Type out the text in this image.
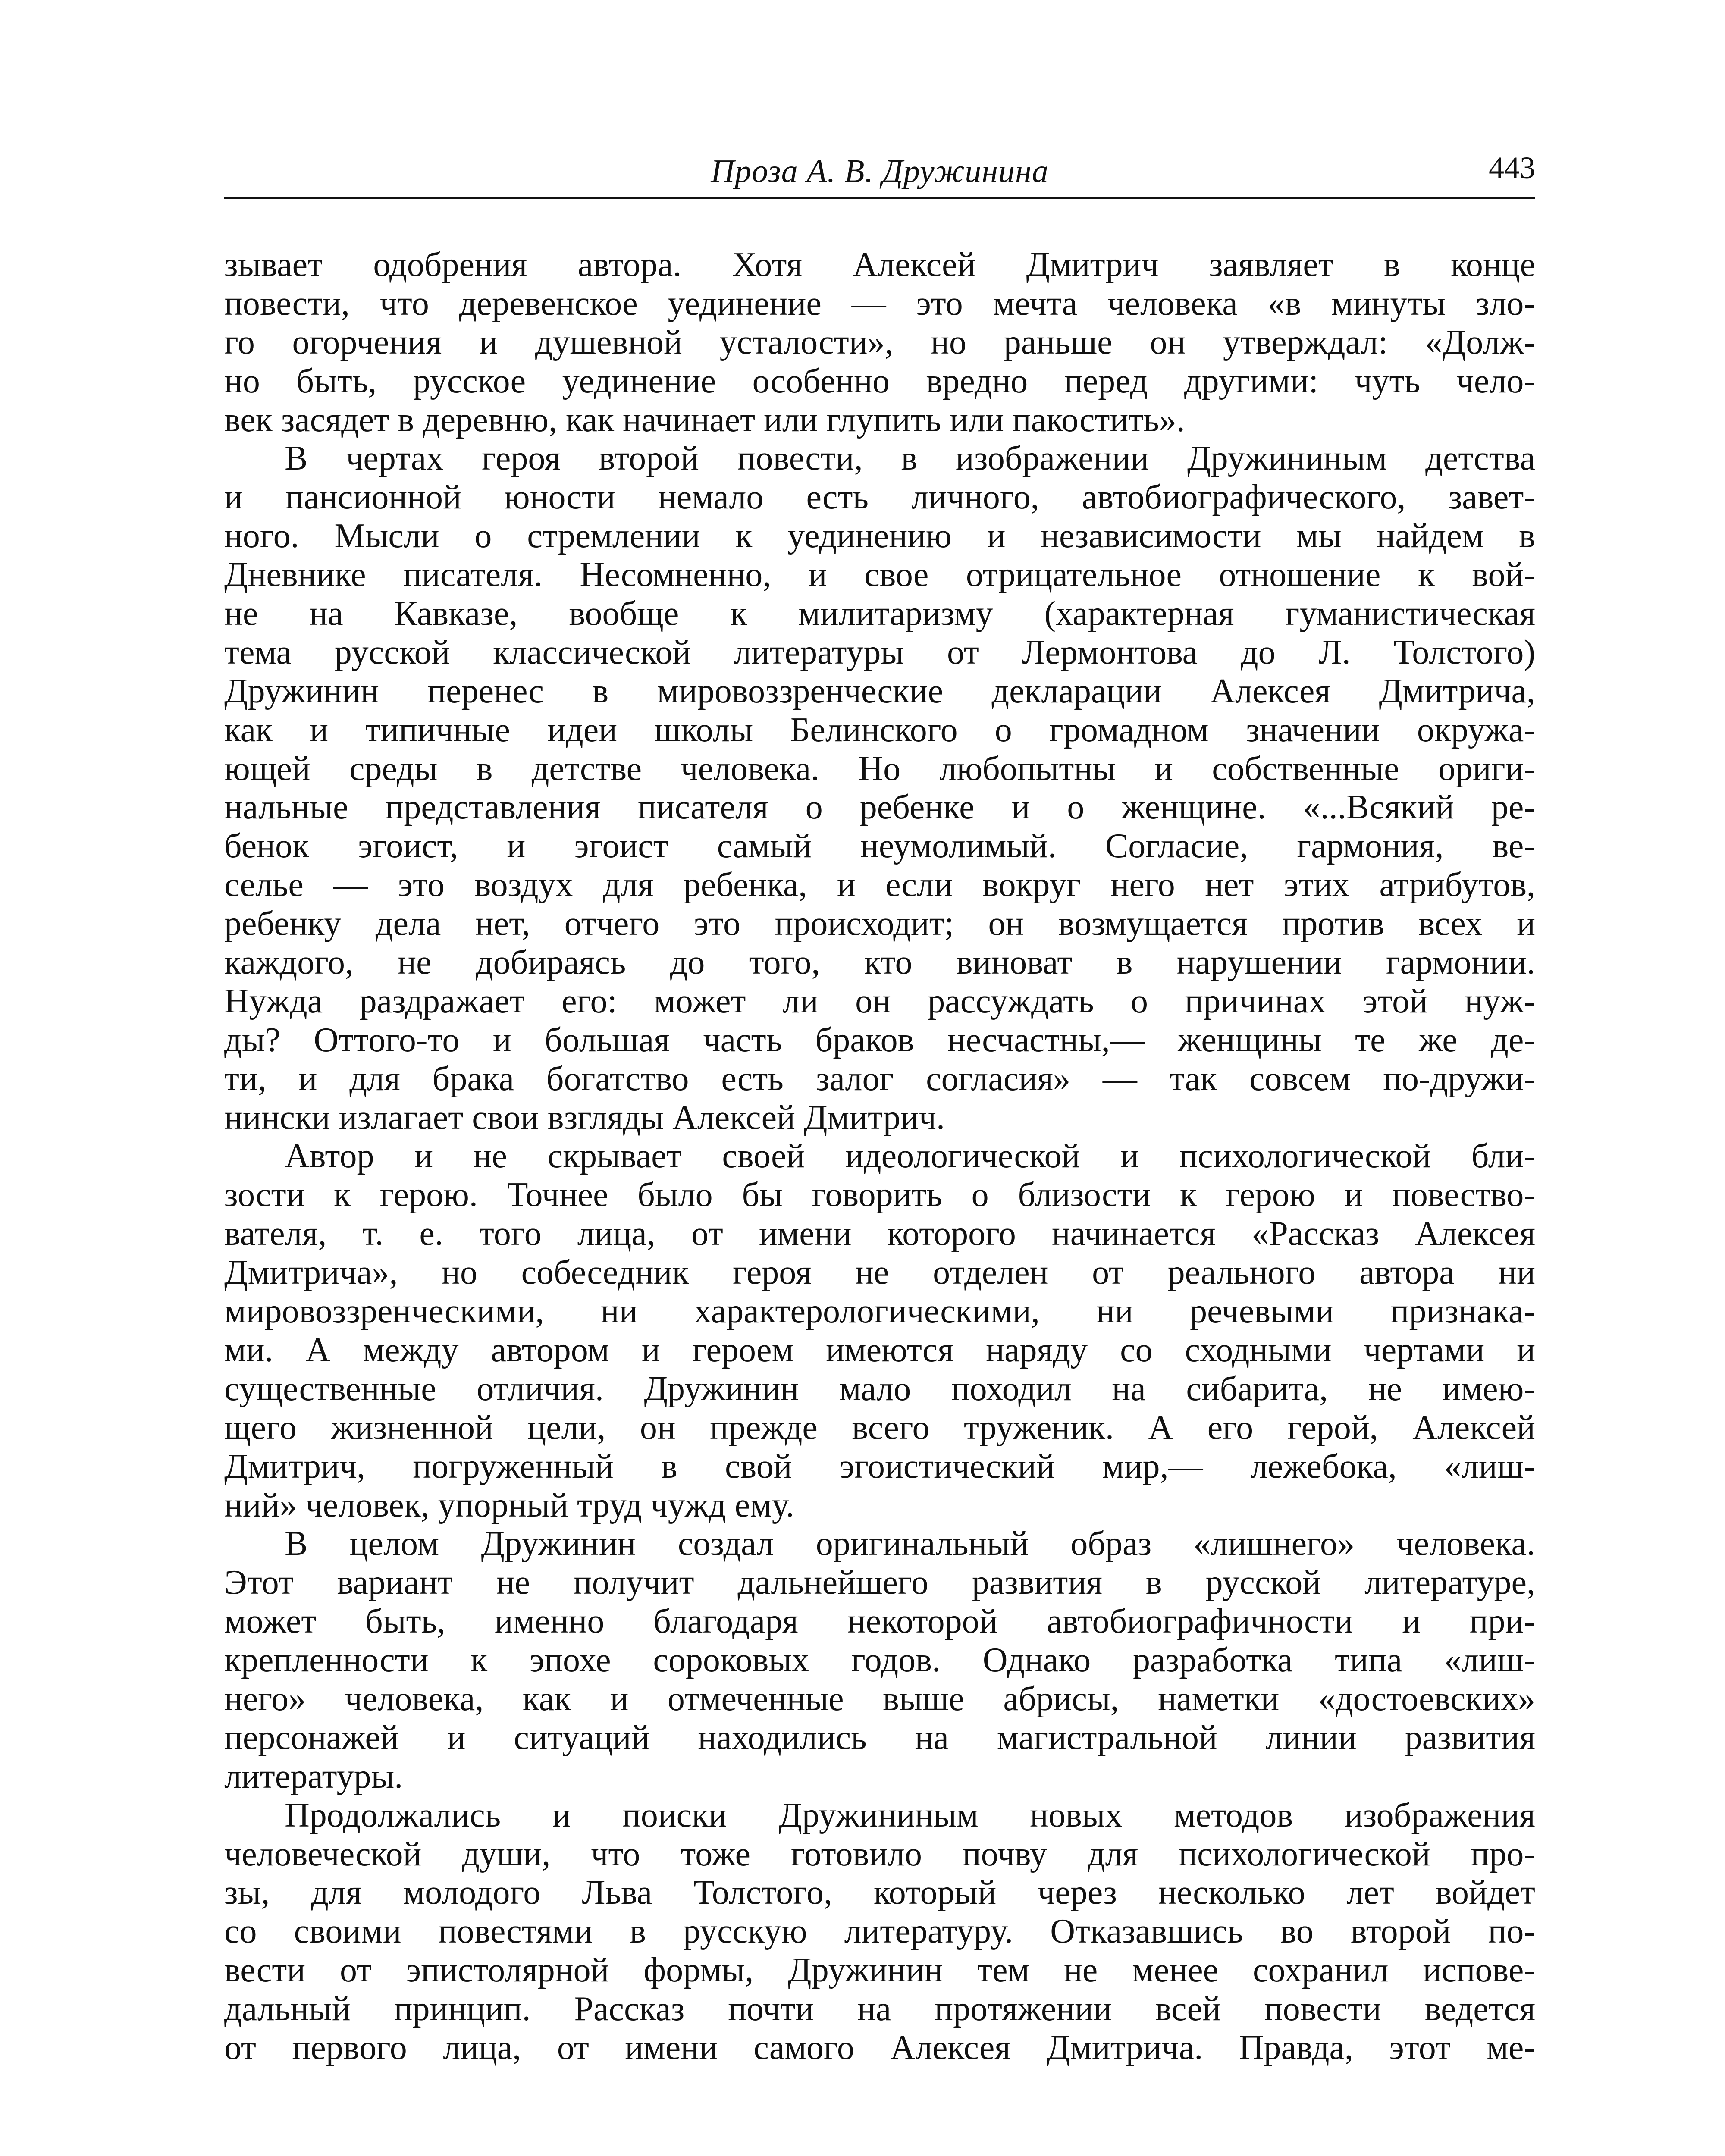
Проза А. В. Дружинина	443
зывает одобрения автора. Хотя Алексей Дмитрич заявляет в конце
повести, что деревенское уединение — это мечта человека «в минуты зло-
го огорчения и душевной усталости», но раньше он утверждал: «Долж-
но быть, русское уединение особенно вредно перед другими: чуть чело-
век засядет в деревню, как начинает или глупить или пакостить».
В чертах героя второй повести, в изображении Дружининым детства
и пансионной юности немало есть личного, автобиографического, завет-
ного. Мысли о стремлении к уединению и независимости мы найдем в
Дневнике писателя. Несомненно, и свое отрицательное отношение к вой-
не на Кавказе, вообще к милитаризму (характерная гуманистическая
тема русской классической литературы от Лермонтова до Л. Толстого)
Дружинин перенес в мировоззренческие декларации Алексея Дмитрича,
как и типичные идеи школы Белинского о громадном значении окружа-
ющей среды в детстве человека. Но любопытны и собственные ориги-
нальные представления писателя о ребенке и о женщине. «...Всякий ре-
бенок эгоист, и эгоист самый неумолимый. Согласие, гармония, ве-
селье — это воздух для ребенка, и если вокруг него нет этих атрибутов,
ребенку дела нет, отчего это происходит; он возмущается против всех и
каждого, не добираясь до того, кто виноват в нарушении гармонии.
Нужда раздражает его: может ли он рассуждать о причинах этой нуж-
ды? Оттого-то и большая часть браков несчастны,— женщины те же де-
ти, и для брака богатство есть залог согласия» — так совсем по-дружи-
нински излагает свои взгляды Алексей Дмитрич.
Автор и не скрывает своей идеологической и психологической бли-
зости к герою. Точнее было бы говорить о близости к герою и повество-
вателя, т. е. того лица, от имени которого начинается «Рассказ Алексея
Дмитрича», но собеседник героя не отделен от реального автора ни
мировоззренческими, ни характерологическими, ни речевыми признака-
ми. А между автором и героем имеются наряду со сходными чертами и
существенные отличия. Дружинин мало походил на сибарита, не имею-
щего жизненной цели, он прежде всего труженик. А его герой, Алексей
Дмитрич, погруженный в свой эгоистический мир,— лежебока, «лиш-
ний» человек, упорный труд чужд ему.
В целом Дружинин создал оригинальный образ «лишнего» человека.
Этот вариант не получит дальнейшего развития в русской литературе,
может быть, именно благодаря некоторой автобиографичности и при-
крепленности к эпохе сороковых годов. Однако разработка типа «лиш-
него» человека, как и отмеченные выше абрисы, наметки «достоевских»
персонажей и ситуаций находились на магистральной линии развития
литературы.
Продолжались и поиски Дружининым новых методов изображения
человеческой души, что тоже готовило почву для психологической про-
зы, для молодого Льва Толстого, который через несколько лет войдет
со своими повестями в русскую литературу. Отказавшись во второй по-
вести от эпистолярной формы, Дружинин тем не менее сохранил испове-
дальный принцип. Рассказ почти на протяжении всей повести ведется
от первого лица, от имени самого Алексея Дмитрича. Правда, этот ме-
